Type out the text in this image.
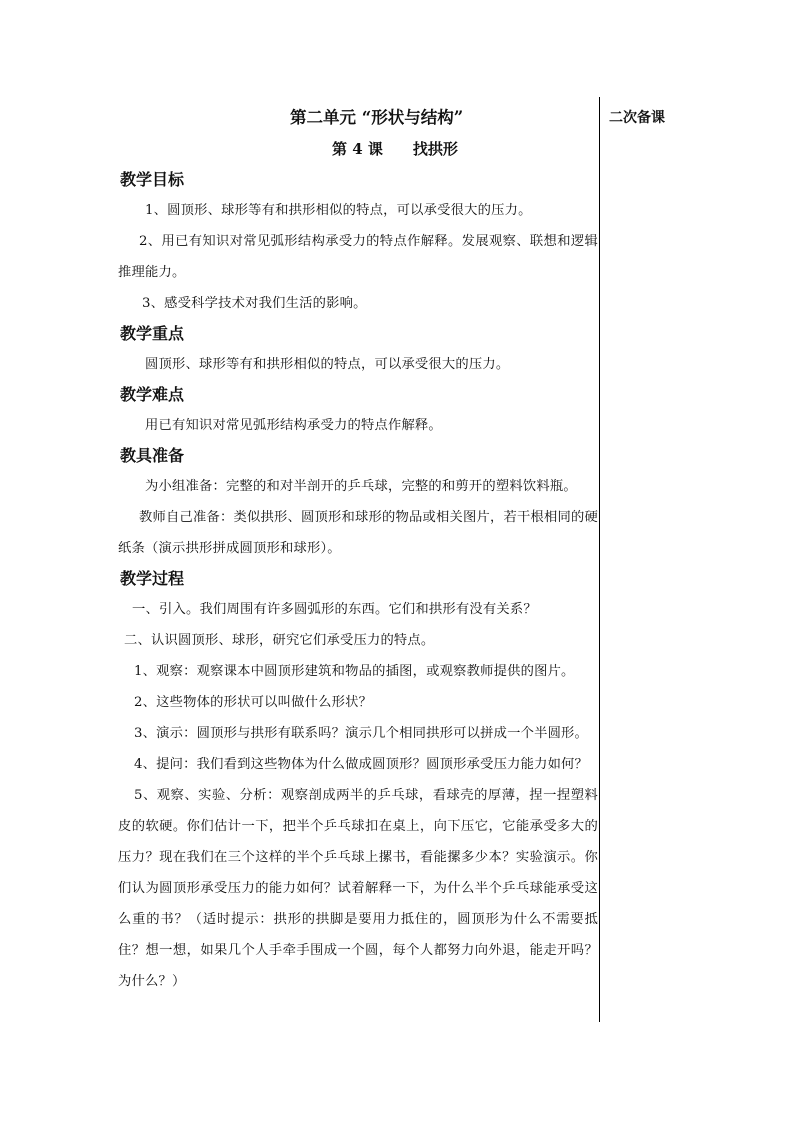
第二单元 “形状与结构”
第 4 课 找拱形
教学目标

1、圆顶形、球形等有和拱形相似的特点，可以承受很大的压力。

2、用已有知识对常见弧形结构承受力的特点作解释。发展观察、联想和逻辑推理能力。

3、感受科学技术对我们生活的影响。

教学重点

圆顶形、球形等有和拱形相似的特点，可以承受很大的压力。

教学难点

用已有知识对常见弧形结构承受力的特点作解释。

教具准备

为小组准备：完整的和对半剖开的乒乓球，完整的和剪开的塑料饮料瓶。

教师自己准备：类似拱形、圆顶形和球形的物品或相关图片，若干根相同的硬纸条（演示拱形拼成圆顶形和球形）。

教学过程

一、引入。我们周围有许多圆弧形的东西。它们和拱形有没有关系？

二、认识圆顶形、球形，研究它们承受压力的特点。

1、观察：观察课本中圆顶形建筑和物品的插图，或观察教师提供的图片。

2、这些物体的形状可以叫做什么形状？

3、演示：圆顶形与拱形有联系吗？演示几个相同拱形可以拼成一个半圆形。

4、提问：我们看到这些物体为什么做成圆顶形？圆顶形承受压力能力如何？

5、观察、实验、分析：观察剖成两半的乒乓球，看球壳的厚薄，捏一捏塑料皮的软硬。你们估计一下，把半个乒乓球扣在桌上，向下压它，它能承受多大的压力？现在我们在三个这样的半个乒乓球上摞书，看能摞多少本？实验演示。你们认为圆顶形承受压力的能力如何？试着解释一下，为什么半个乒乓球能承受这么重的书？（适时提示：拱形的拱脚是要用力抵住的，圆顶形为什么不需要抵住？想一想，如果几个人手牵手围成一个圆，每个人都努力向外退，能走开吗？为什么？）

二次备课
